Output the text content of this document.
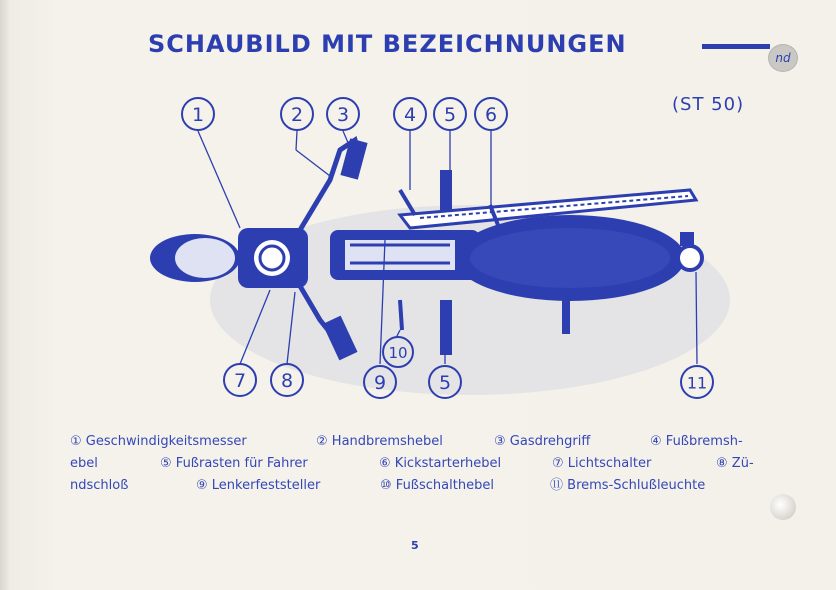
SCHAUBILD MIT BEZEICHNUNGEN	nd
(ST 50)
1	2 3	4 5 6
7 8	9
10
5	11
① Geschwindigkeitsmesser	② Handbremshebel	③ Gasdrehgriff	④ Fußbremsh-
ebel	⑤ Fußrasten für Fahrer	⑥ Kickstarterhebel	⑦ Lichtschalter	⑧ Zü-
ndschloß	⑨ Lenkerfeststeller	⑩ Fußschalthebel	⑪ Brems-Schlußleuchte
5
